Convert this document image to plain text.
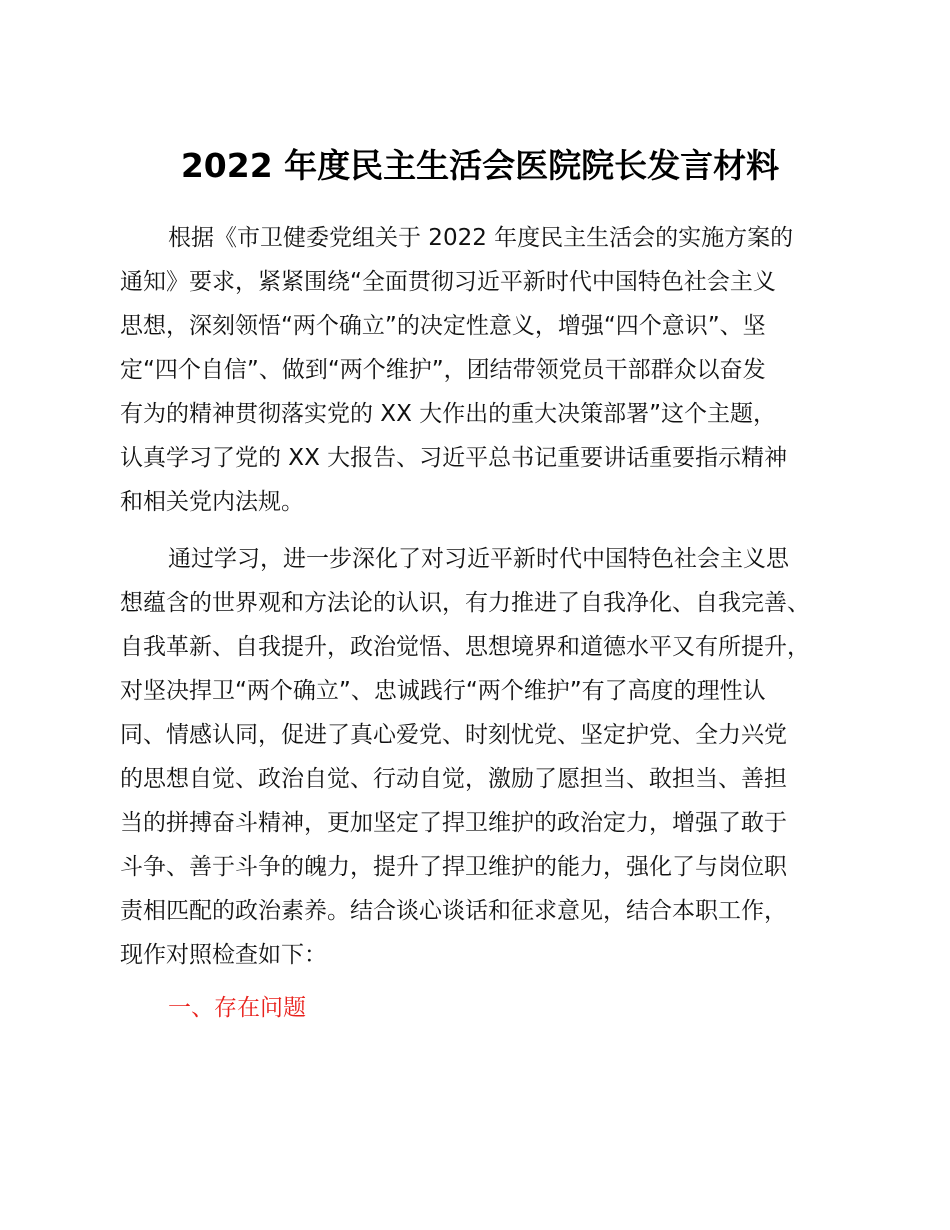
2022 年度民主生活会医院院长发言材料
根据《市卫健委党组关于 2022 年度民主生活会的实施方案的
通知》要求，紧紧围绕“全面贯彻习近平新时代中国特色社会主义
思想，深刻领悟“两个确立”的决定性意义，增强“四个意识”、坚
定“四个自信”、做到“两个维护”，团结带领党员干部群众以奋发
有为的精神贯彻落实党的 XX 大作出的重大决策部署”这个主题，
认真学习了党的 XX 大报告、习近平总书记重要讲话重要指示精神
和相关党内法规。
通过学习，进一步深化了对习近平新时代中国特色社会主义思
想蕴含的世界观和方法论的认识，有力推进了自我净化、自我完善、
自我革新、自我提升，政治觉悟、思想境界和道德水平又有所提升，
对坚决捍卫“两个确立”、忠诚践行“两个维护”有了高度的理性认
同、情感认同，促进了真心爱党、时刻忧党、坚定护党、全力兴党
的思想自觉、政治自觉、行动自觉，激励了愿担当、敢担当、善担
当的拼搏奋斗精神，更加坚定了捍卫维护的政治定力，增强了敢于
斗争、善于斗争的魄力，提升了捍卫维护的能力，强化了与岗位职
责相匹配的政治素养。结合谈心谈话和征求意见，结合本职工作，
现作对照检查如下：
一、存在问题
